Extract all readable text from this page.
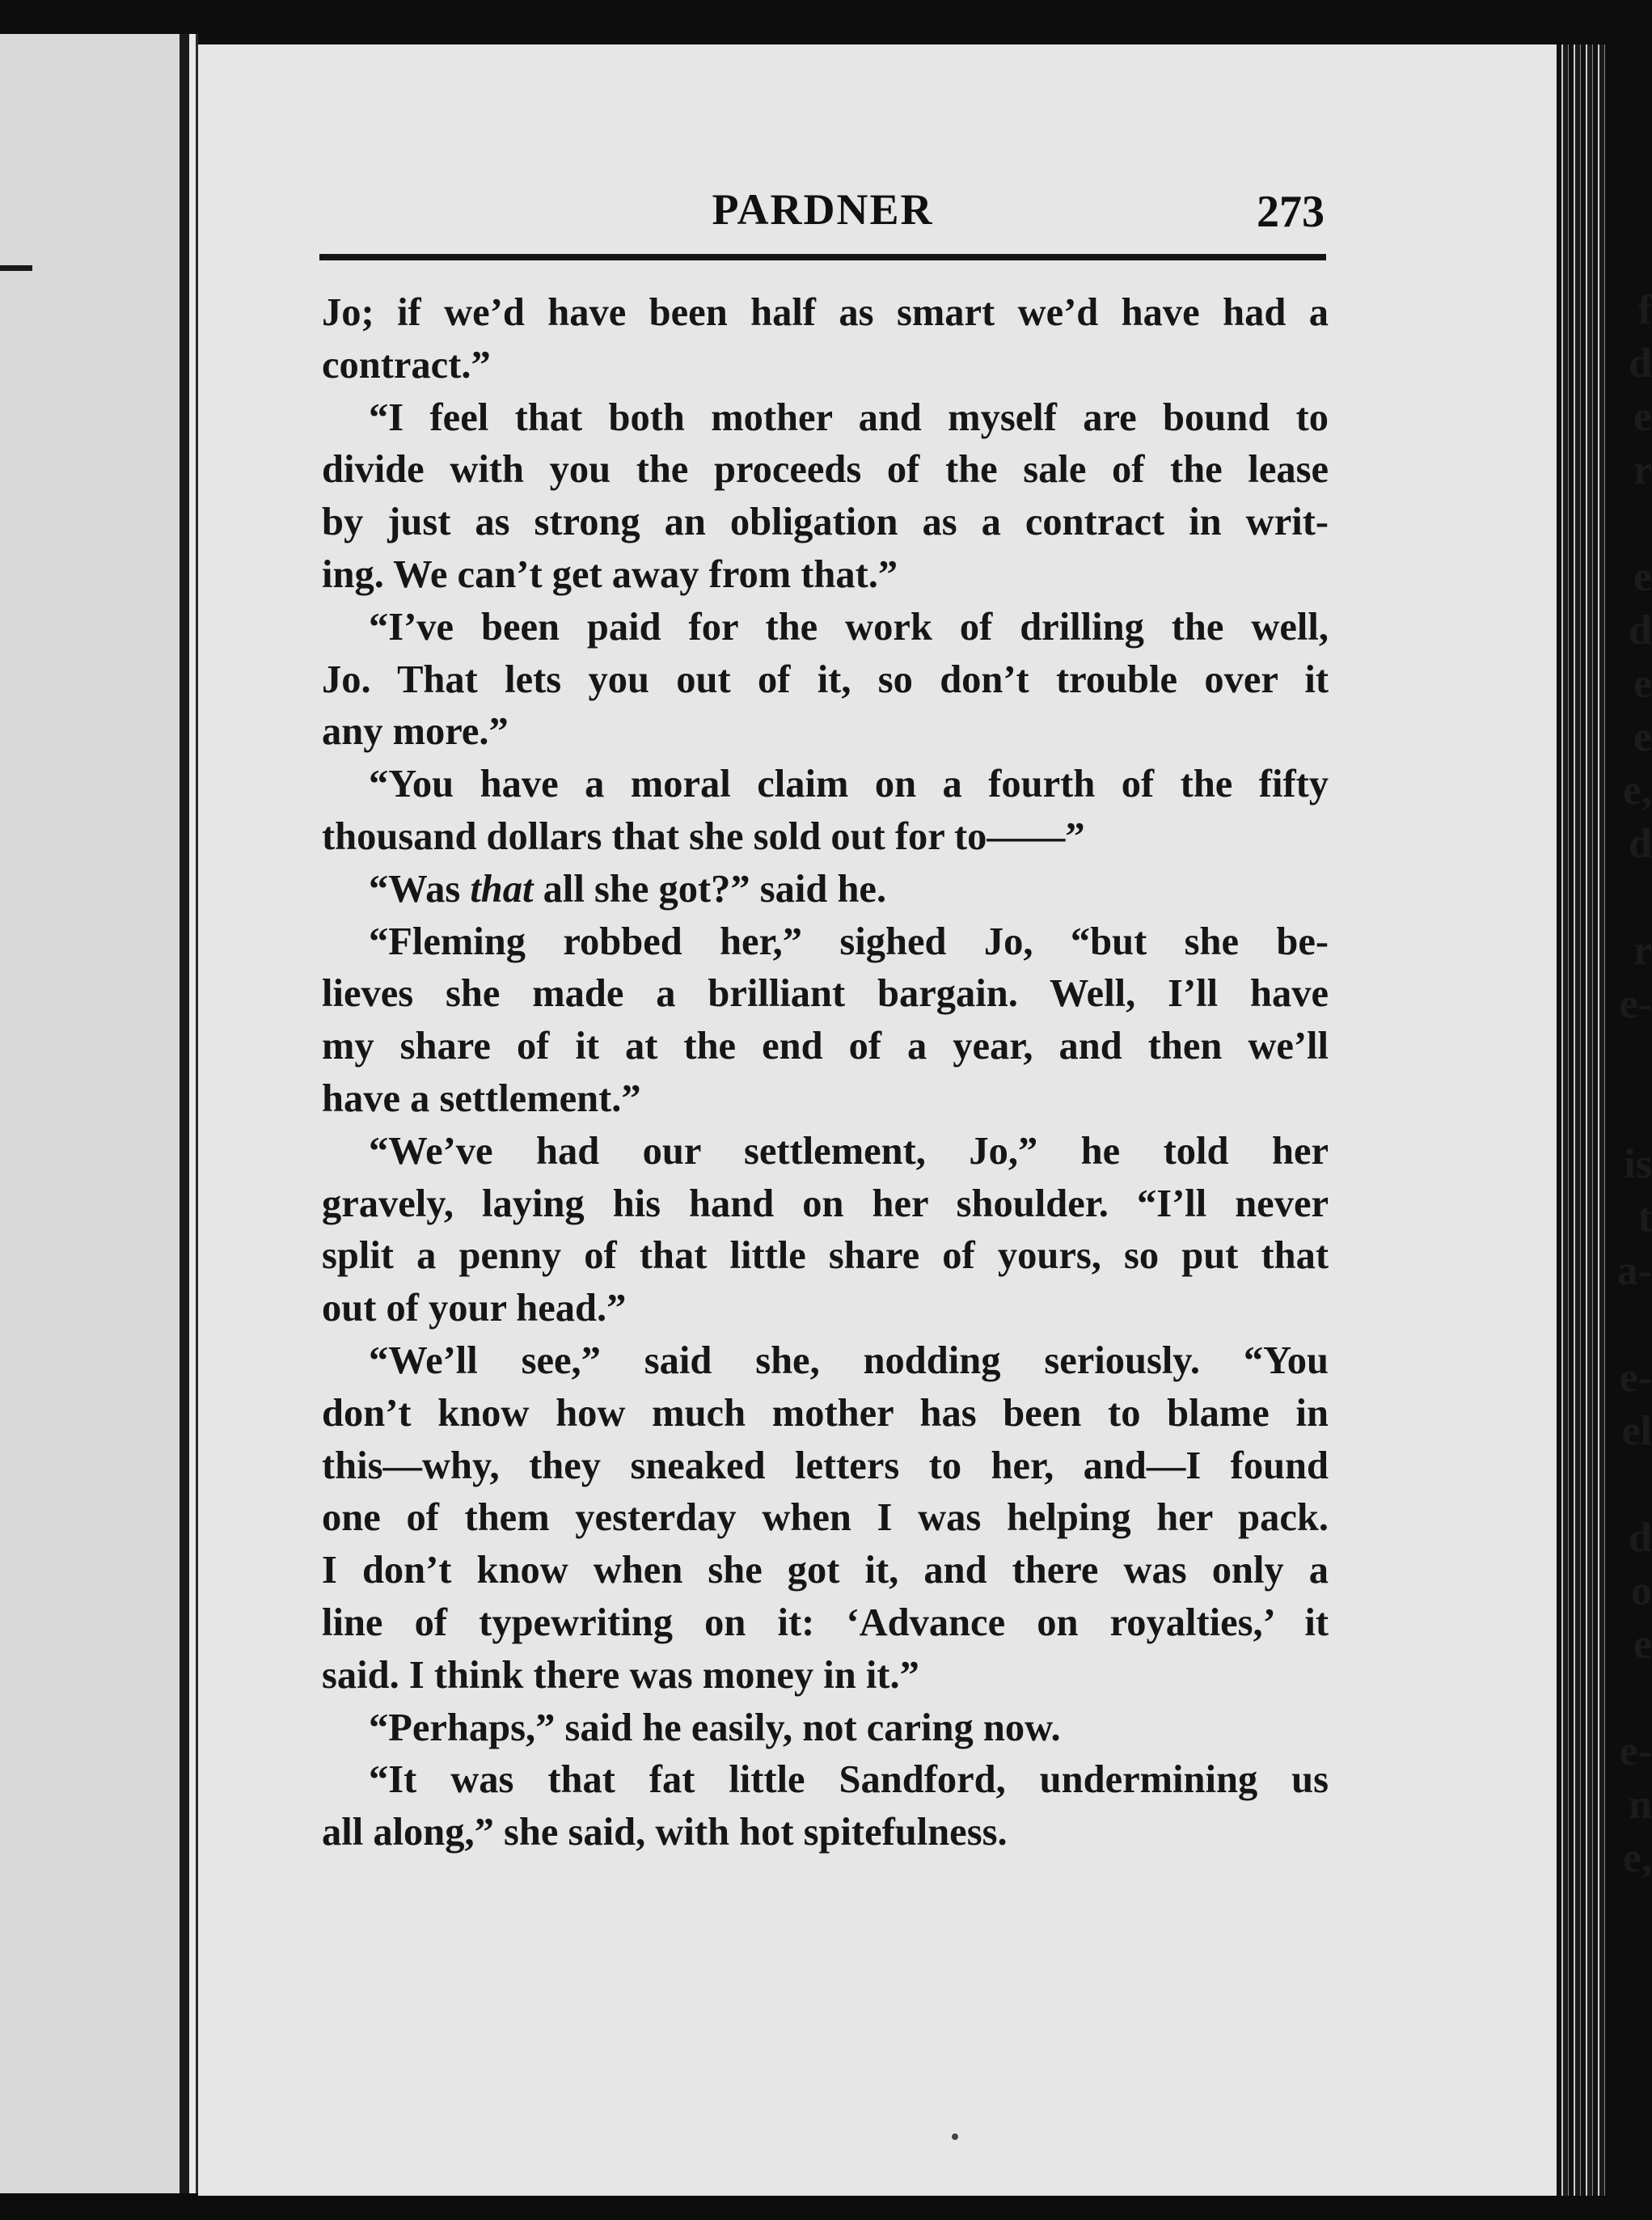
f
d
e
r
e
d
e
e
e,
d
r
e-
is
t
a-
e-
el
d
o
e
e-
n
e,
PARDNER	273
Jo; if we’d have been half as smart we’d have had a
contract.”
“I feel that both mother and myself are bound to
divide with you the proceeds of the sale of the lease
by just as strong an obligation as a contract in writ-
ing. We can’t get away from that.”
“I’ve been paid for the work of drilling the well,
Jo. That lets you out of it, so don’t trouble over it
any more.”
“You have a moral claim on a fourth of the fifty
thousand dollars that she sold out for to——”
“Was that all she got?” said he.
“Fleming robbed her,” sighed Jo, “but she be-
lieves she made a brilliant bargain. Well, I’ll have
my share of it at the end of a year, and then we’ll
have a settlement.”
“We’ve had our settlement, Jo,” he told her
gravely, laying his hand on her shoulder. “I’ll never
split a penny of that little share of yours, so put that
out of your head.”
“We’ll see,” said she, nodding seriously. “You
don’t know how much mother has been to blame in
this—why, they sneaked letters to her, and—I found
one of them yesterday when I was helping her pack.
I don’t know when she got it, and there was only a
line of typewriting on it: ‘Advance on royalties,’ it
said. I think there was money in it.”
“Perhaps,” said he easily, not caring now.
“It was that fat little Sandford, undermining us
all along,” she said, with hot spitefulness.
